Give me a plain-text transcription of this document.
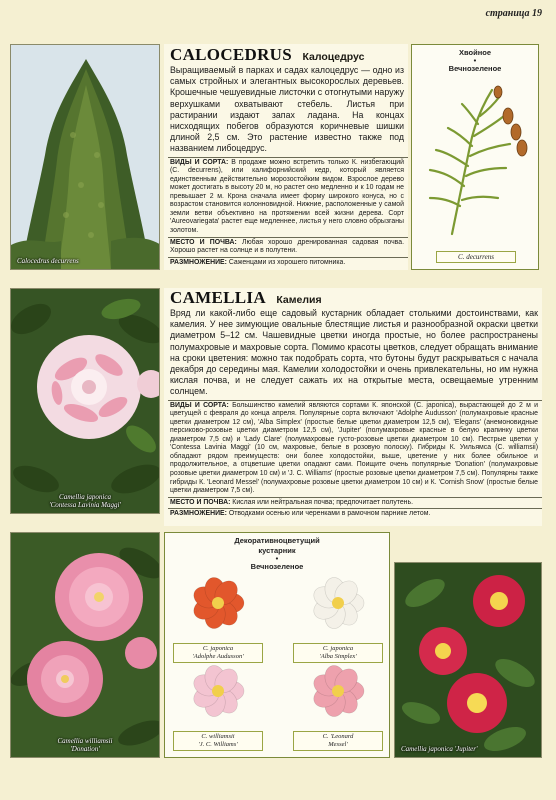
страница 19
Calocedrus decurrens
CALOCEDRUS Калоцедрус

Выращиваемый в парках и садах калоцедрус — одно из самых стройных и элегантных высокорослых деревьев. Крошечные чешуевидные листочки с отогнутыми наружу верхушками охватывают стебель. Листья при растирании издают запах ладана. На концах нисходящих побегов образуются коричневые шишки длиной 2,5 см. Это растение известно также под названием либоцедрус.

ВИДЫ И СОРТА: В продаже можно встретить только К. низбегающий (C. decurrens), или калифорнийский кедр, который является единственным действительно морозостойким видом. Взрослое дерево может достигать в высоту 20 м, но растет оно медленно и к 10 годам не превышает 2 м. Крона сначала имеет форму широкого конуса, но с возрастом становится колонновидной. Нижние, расположенные у самой земли ветви объективно на протяжении всей жизни дерева. Сорт 'Aureovariegata' растет еще медленнее, листья у него словно обрызганы золотом.

МЕСТО И ПОЧВА: Любая хорошо дренированная садовая почва. Хорошо растет на солнце и в полутени.

РАЗМНОЖЕНИЕ: Саженцами из хорошего питомника.

Хвойное
•
Вечнозеленое
C. decurrens
Camellia japonica
'Contessa Lavinia Maggi'
CAMELLIA Камелия

Вряд ли какой-либо еще садовый кустарник обладает столькими достоинствами, как камелия. У нее зимующие овальные блестящие листья и разнообразной окраски цветки диаметром 5–12 см. Чашевидные цветки иногда простые, но более распространены полумахровые и махровые сорта. Помимо красоты цветков, следует обращать внимание на сроки цветения: можно так подобрать сорта, что бутоны будут раскрываться с начала декабря до середины мая. Камелии холодостойки и очень привлекательны, но им нужна кислая почва, и не следует сажать их на открытые места, освещаемые утренним солнцем.

ВИДЫ И СОРТА: Большинство камелий являются сортами К. японской (C. japonica), вырастающей до 2 м и цветущей с февраля до конца апреля. Популярные сорта включают 'Adolphe Audusson' (полумахровые красные цветки диаметром 12 см), 'Alba Simplex' (простые белые цветки диаметром 12,5 см), 'Elegans' (анемоновидные персиково-розовые цветки диаметром 12,5 см), 'Jupiter' (полумахровые красные в белую крапинку цветки диаметром 7,5 см) и 'Lady Clare' (полумахровые густо-розовые цветки диаметром 10 см). Пестрые цветки у 'Contessa Lavinia Maggi' (10 см, махровые, белые в розовую полоску). Гибриды К. Уильямса (C. williamsii) обладают рядом преимуществ: они более холодостойки, выше, цветение у них более обильное и продолжительное, а отцветшие цветки опадают сами. Поищите очень популярные 'Donation' (полумахровые розовые цветки диаметром 10 см) и 'J. C. Williams' (простые розовые цветки диаметром 7,5 см). Популярны также гибриды К. 'Leonard Messel' (полумахровые розовые цветки диаметром 10 см) и К. 'Cornish Snow' (простые белые цветки диаметром 7,5 см).

МЕСТО И ПОЧВА: Кислая или нейтральная почва; предпочитает полутень.

РАЗМНОЖЕНИЕ: Отводками осенью или черенками в рамочном парнике летом.

Camellia williamsii
'Donation'
Декоративноцветущий
кустарник
•
Вечнозеленое
C. japonica
'Adolphe Audusson'
C. japonica
'Alba Simplex'
C. williamsii
'J. C. Williams'
C. 'Leonard
Messel'
Camellia japonica 'Jupiter'
